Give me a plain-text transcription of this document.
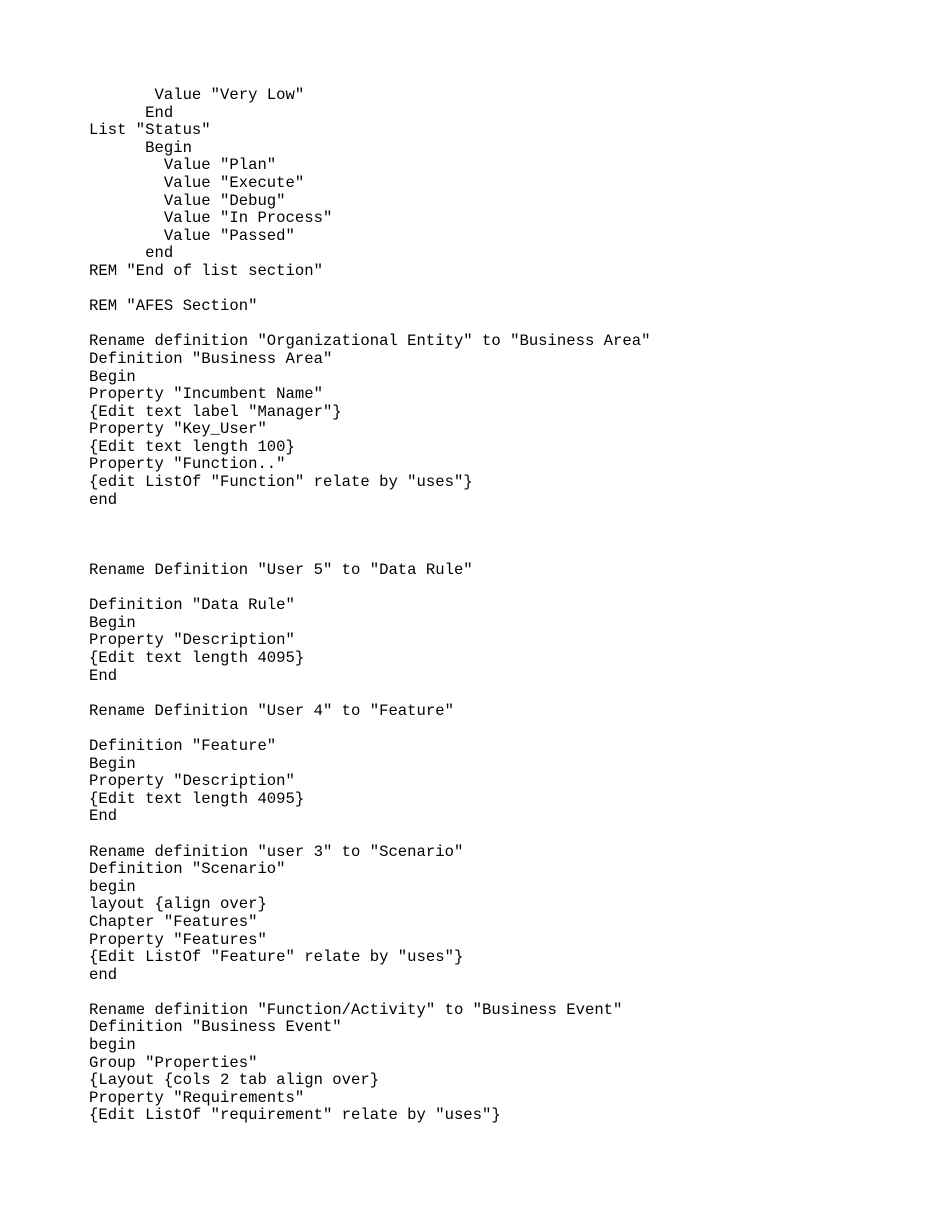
Value "Very Low"
End
List "Status"
Begin
Value "Plan"
Value "Execute"
Value "Debug"
Value "In Process"
Value "Passed"
end
REM "End of list section"
REM "AFES Section"
Rename definition "Organizational Entity" to "Business Area"
Definition "Business Area"
Begin
Property "Incumbent Name"
{Edit text label "Manager"}
Property "Key_User"
{Edit text length 100}
Property "Function.."
{edit ListOf "Function" relate by "uses"}
end
Rename Definition "User 5" to "Data Rule"
Definition "Data Rule"
Begin
Property "Description"
{Edit text length 4095}
End
Rename Definition "User 4" to "Feature"
Definition "Feature"
Begin
Property "Description"
{Edit text length 4095}
End
Rename definition "user 3" to "Scenario"
Definition "Scenario"
begin
layout {align over}
Chapter "Features"
Property "Features"
{Edit ListOf "Feature" relate by "uses"}
end
Rename definition "Function/Activity" to "Business Event"
Definition "Business Event"
begin
Group "Properties"
{Layout {cols 2 tab align over}
Property "Requirements"
{Edit ListOf "requirement" relate by "uses"}
